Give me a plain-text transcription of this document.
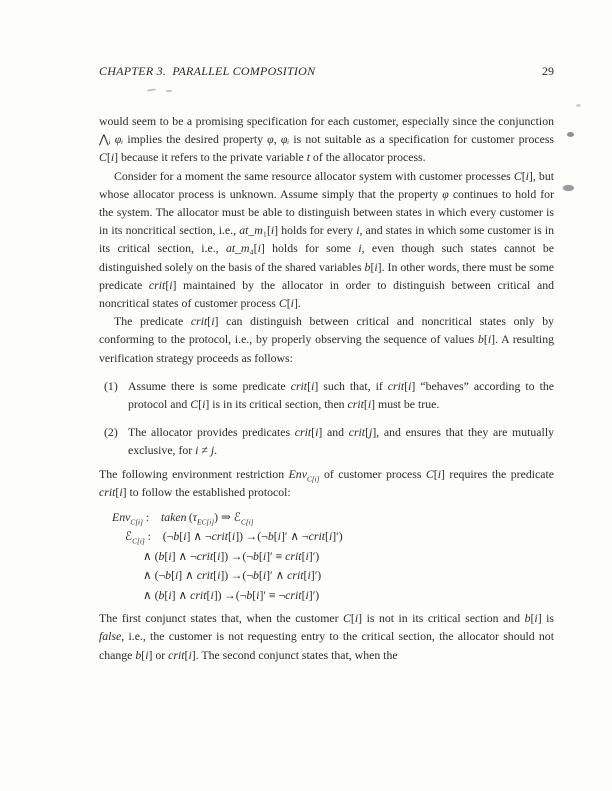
CHAPTER 3. PARALLEL COMPOSITION	29

would seem to be a promising specification for each customer, especially since the conjunction ⋀ᵢ φᵢ implies the desired property φ, φᵢ is not suitable as a specification for customer process C[i] because it refers to the private variable t of the allocator process.

Consider for a moment the same resource allocator system with customer processes C[i], but whose allocator process is unknown. Assume simply that the property φ continues to hold for the system. The allocator must be able to distinguish between states in which every customer is in its noncritical section, i.e., at_m₁[i] holds for every i, and states in which some customer is in its critical section, i.e., at_m₄[i] holds for some i, even though such states cannot be distinguished solely on the basis of the shared variables b[i]. In other words, there must be some predicate crit[i] maintained by the allocator in order to distinguish between critical and noncritical states of customer process C[i].

The predicate crit[i] can distinguish between critical and noncritical states only by conforming to the protocol, i.e., by properly observing the sequence of values b[i]. A resulting verification strategy proceeds as follows:

(1) Assume there is some predicate crit[i] such that, if crit[i] “behaves” according to the protocol and C[i] is in its critical section, then crit[i] must be true.
(2) The allocator provides predicates crit[i] and crit[j], and ensures that they are mutually exclusive, for i ≠ j.

The following environment restriction Env$_{C[i]}$ of customer process C[i] requires the predicate crit[i] to follow the established protocol:

Env$_{C[i]}$ :  taken $(\tau_{EC[i]})$ ⇒ ℰ$_{C[i]}$
ℰ$_{C[i]}$ :  (¬b[i] ∧ ¬crit[i]) →(¬b[i]′ ∧ ¬crit[i]′)
∧ (b[i] ∧ ¬crit[i]) →(¬b[i]′ ≡ crit[i]′)
∧ (¬b[i] ∧ crit[i]) →(¬b[i]′ ∧ crit[i]′)
∧ (b[i] ∧ crit[i]) →(¬b[i]′ ≡ ¬crit[i]′)

The first conjunct states that, when the customer C[i] is not in its critical section and b[i] is false, i.e., the customer is not requesting entry to the critical section, the allocator should not change b[i] or crit[i]. The second conjunct states that, when the
